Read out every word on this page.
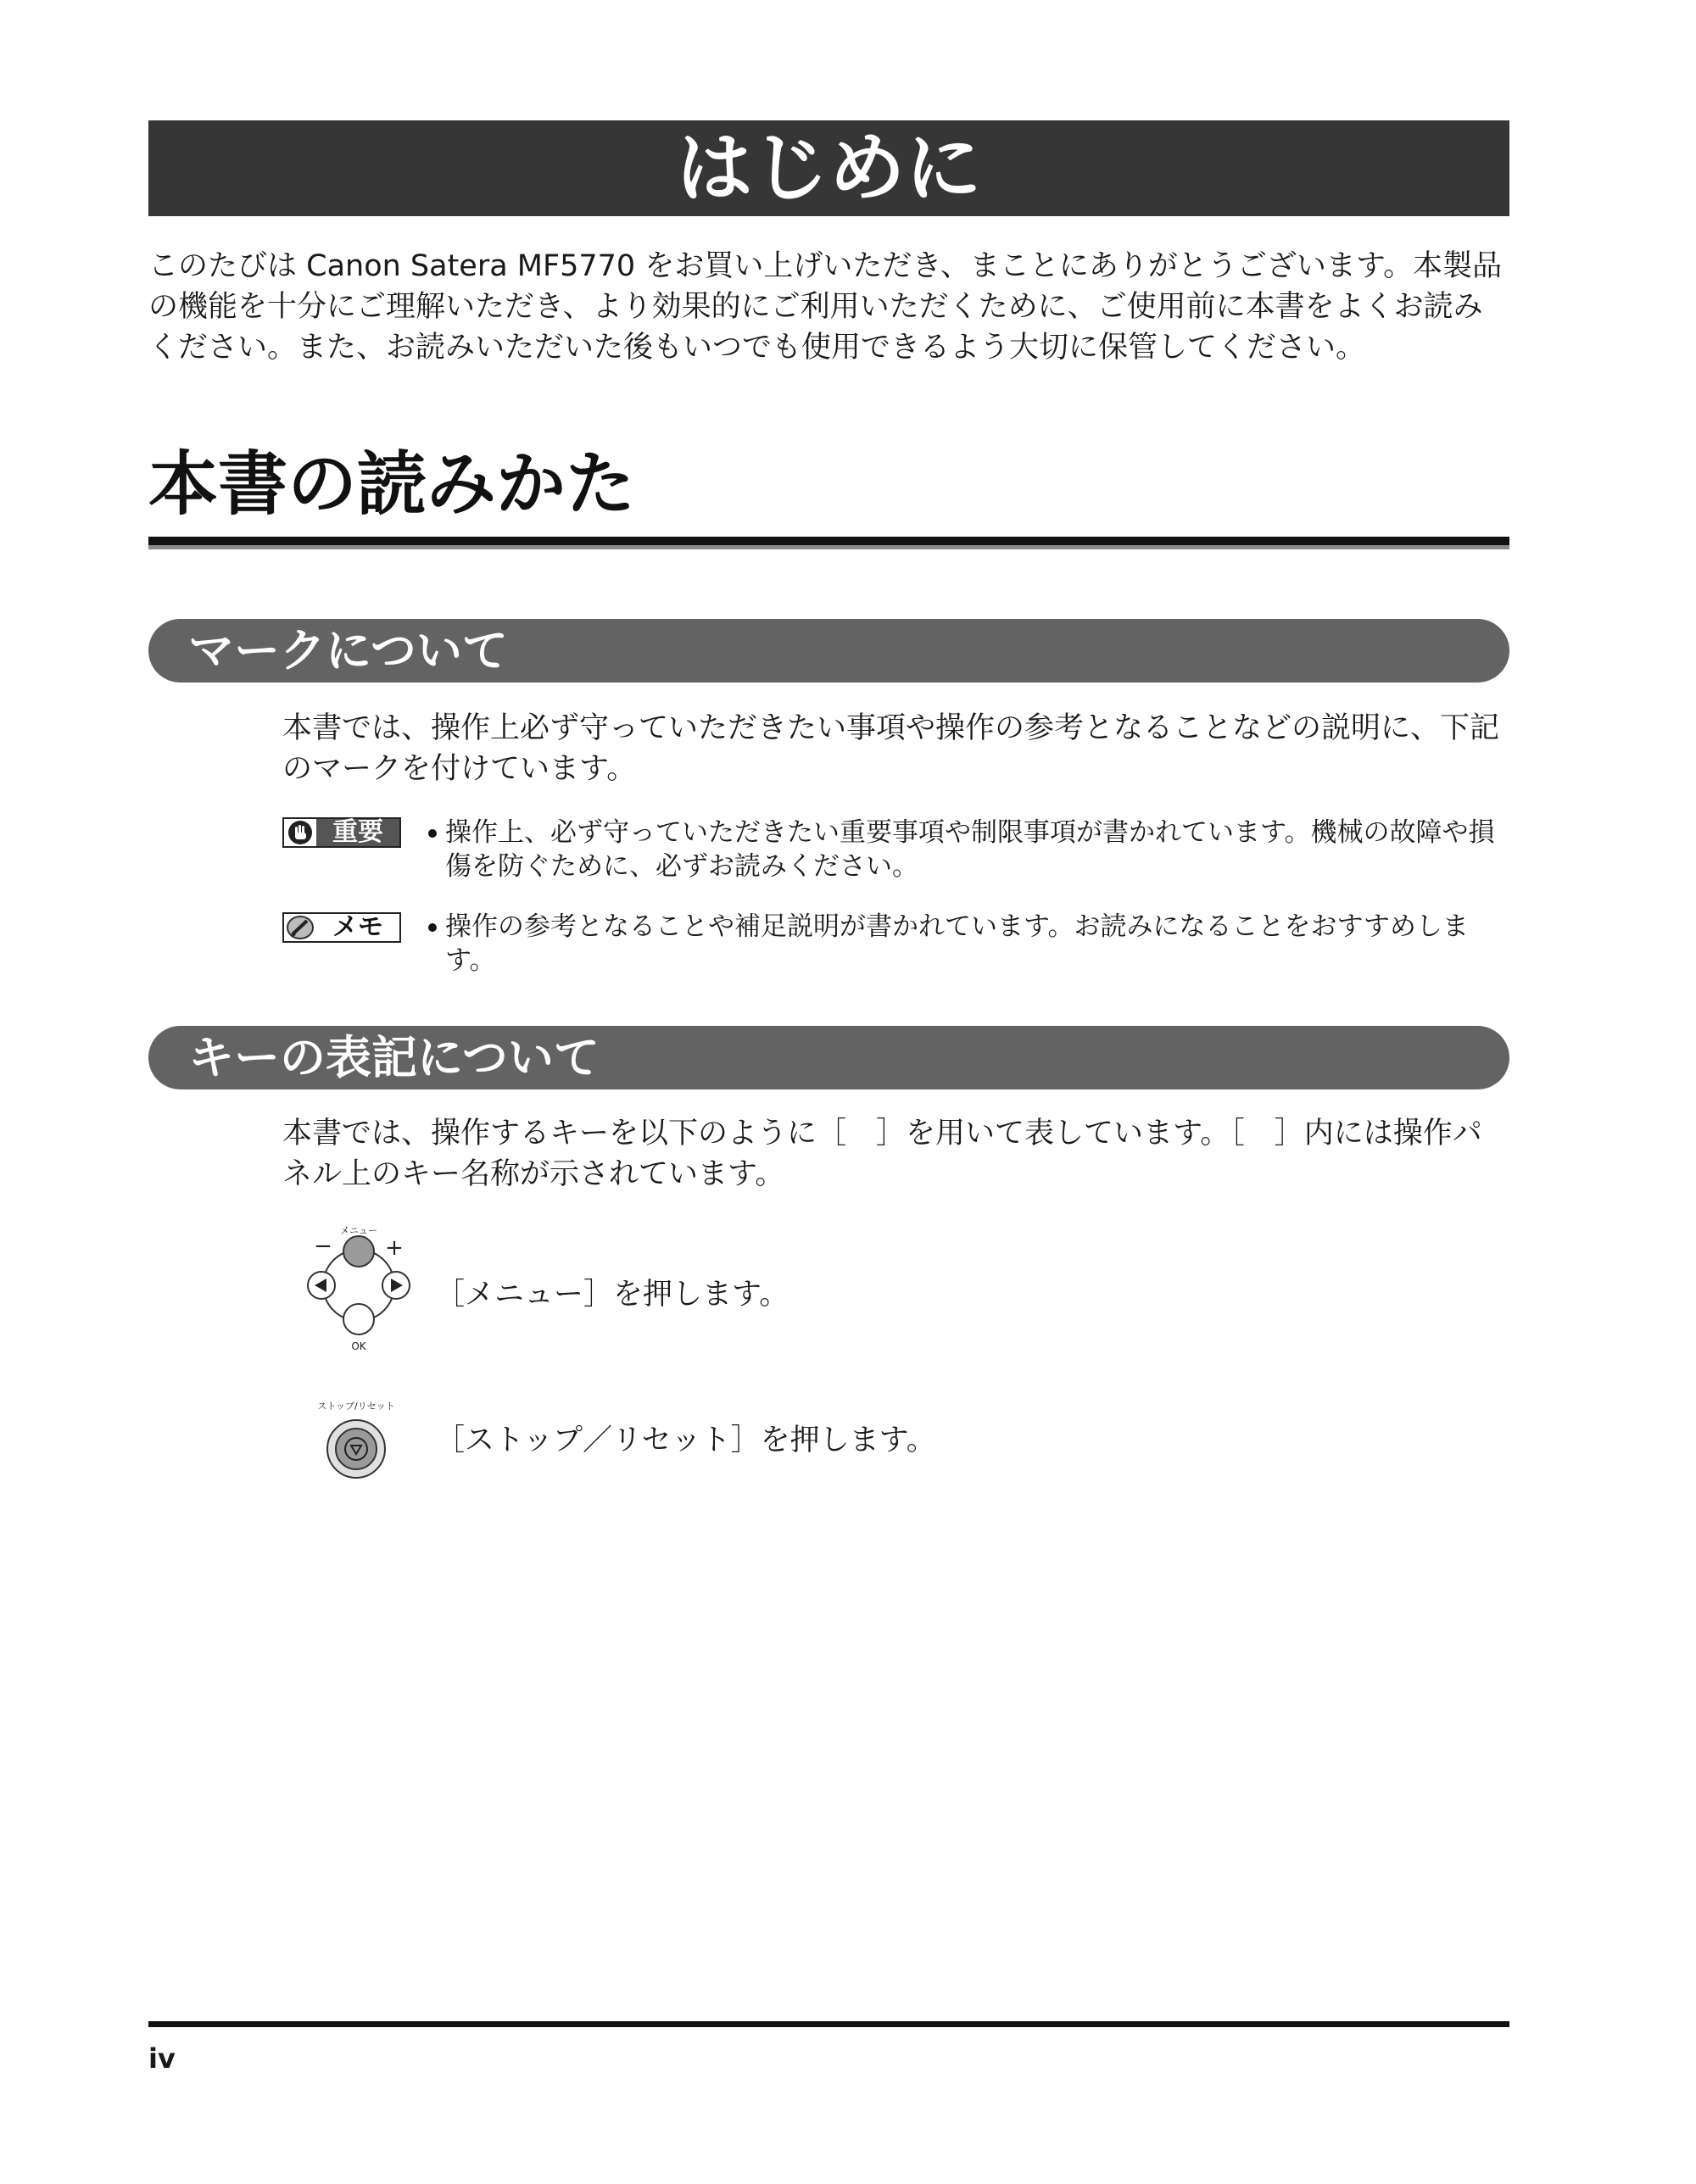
はじめに

このたびは Canon Satera MF5770 をお買い上げいただき、まことにありがとうございます。本製品の機能を十分にご理解いただき、より効果的にご利用いただくために、ご使用前に本書をよくお読みください。また、お読みいただいた後もいつでも使用できるよう大切に保管してください。

本書の読みかた
マークについて

本書では、操作上必ず守っていただきたい事項や操作の参考となることなどの説明に、下記のマークを付けています。

重要	操作上、必ず守っていただきたい重要事項や制限事項が書かれています。機械の故障や損傷を防ぐために、必ずお読みください。

メモ	操作の参考となることや補足説明が書かれています。お読みになることをおすすめします。

キーの表記について

本書では、操作するキーを以下のように［　］を用いて表しています。［　］内には操作パネル上のキー名称が示されています。

メニュー
− +
OK

［メニュー］を押します。

ストップ/リセット

［ストップ／リセット］を押します。

iv
